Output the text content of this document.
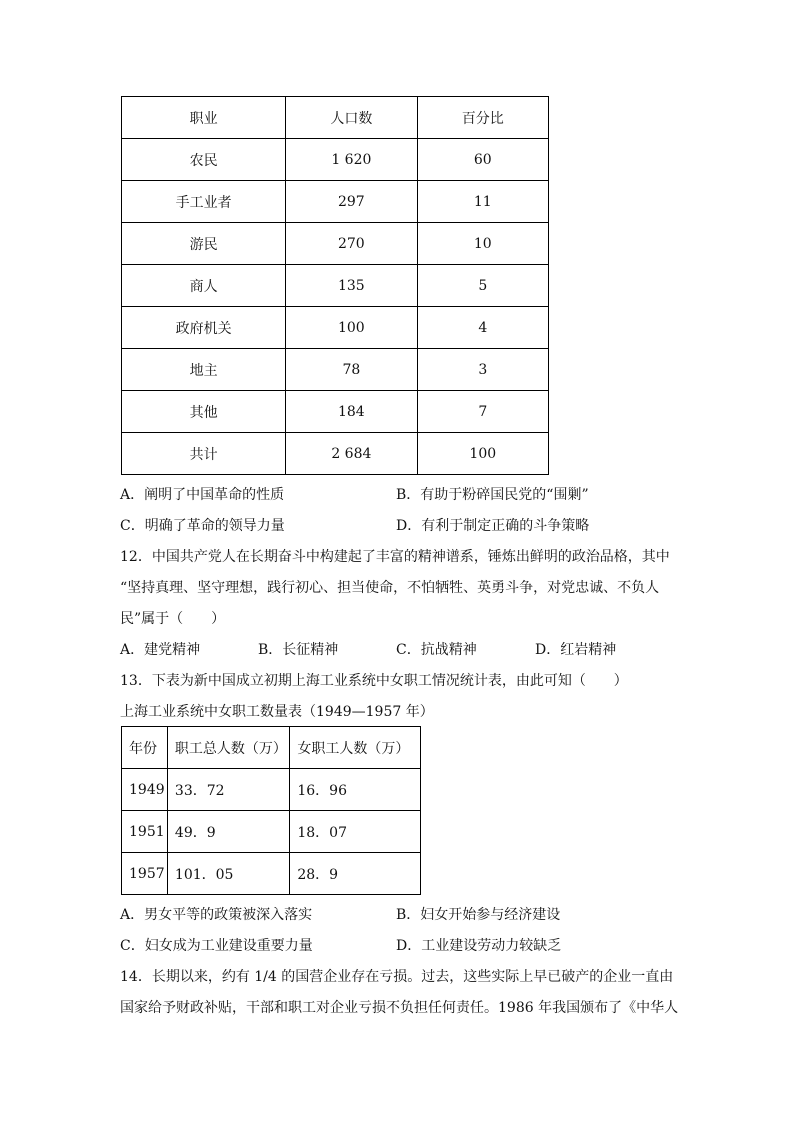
职业	人口数	百分比
农民	1 620	60
手工业者	297	11
游民	270	10
商人	135	5
政府机关	100	4
地主	78	3
其他	184	7
共计	2 684	100
A．阐明了中国革命的性质	B．有助于粉碎国民党的“围剿”
C．明确了革命的领导力量	D．有利于制定正确的斗争策略
12．中国共产党人在长期奋斗中构建起了丰富的精神谱系，锤炼出鲜明的政治品格，其中
“坚持真理、坚守理想，践行初心、担当使命，不怕牺牲、英勇斗争，对党忠诚、不负人
民”属于（　　）
A．建党精神	B．长征精神	C．抗战精神	D．红岩精神
13．下表为新中国成立初期上海工业系统中女职工情况统计表，由此可知（　　）
上海工业系统中女职工数量表（1949—1957 年）
年份	职工总人数（万）	女职工人数（万）
1949	33．72	16．96
1951	49．9	18．07
1957	101．05	28．9
A．男女平等的政策被深入落实	B．妇女开始参与经济建设
C．妇女成为工业建设重要力量	D．工业建设劳动力较缺乏
14．长期以来，约有 1/4 的国营企业存在亏损。过去，这些实际上早已破产的企业一直由
国家给予财政补贴，干部和职工对企业亏损不负担任何责任。1986 年我国颁布了《中华人
